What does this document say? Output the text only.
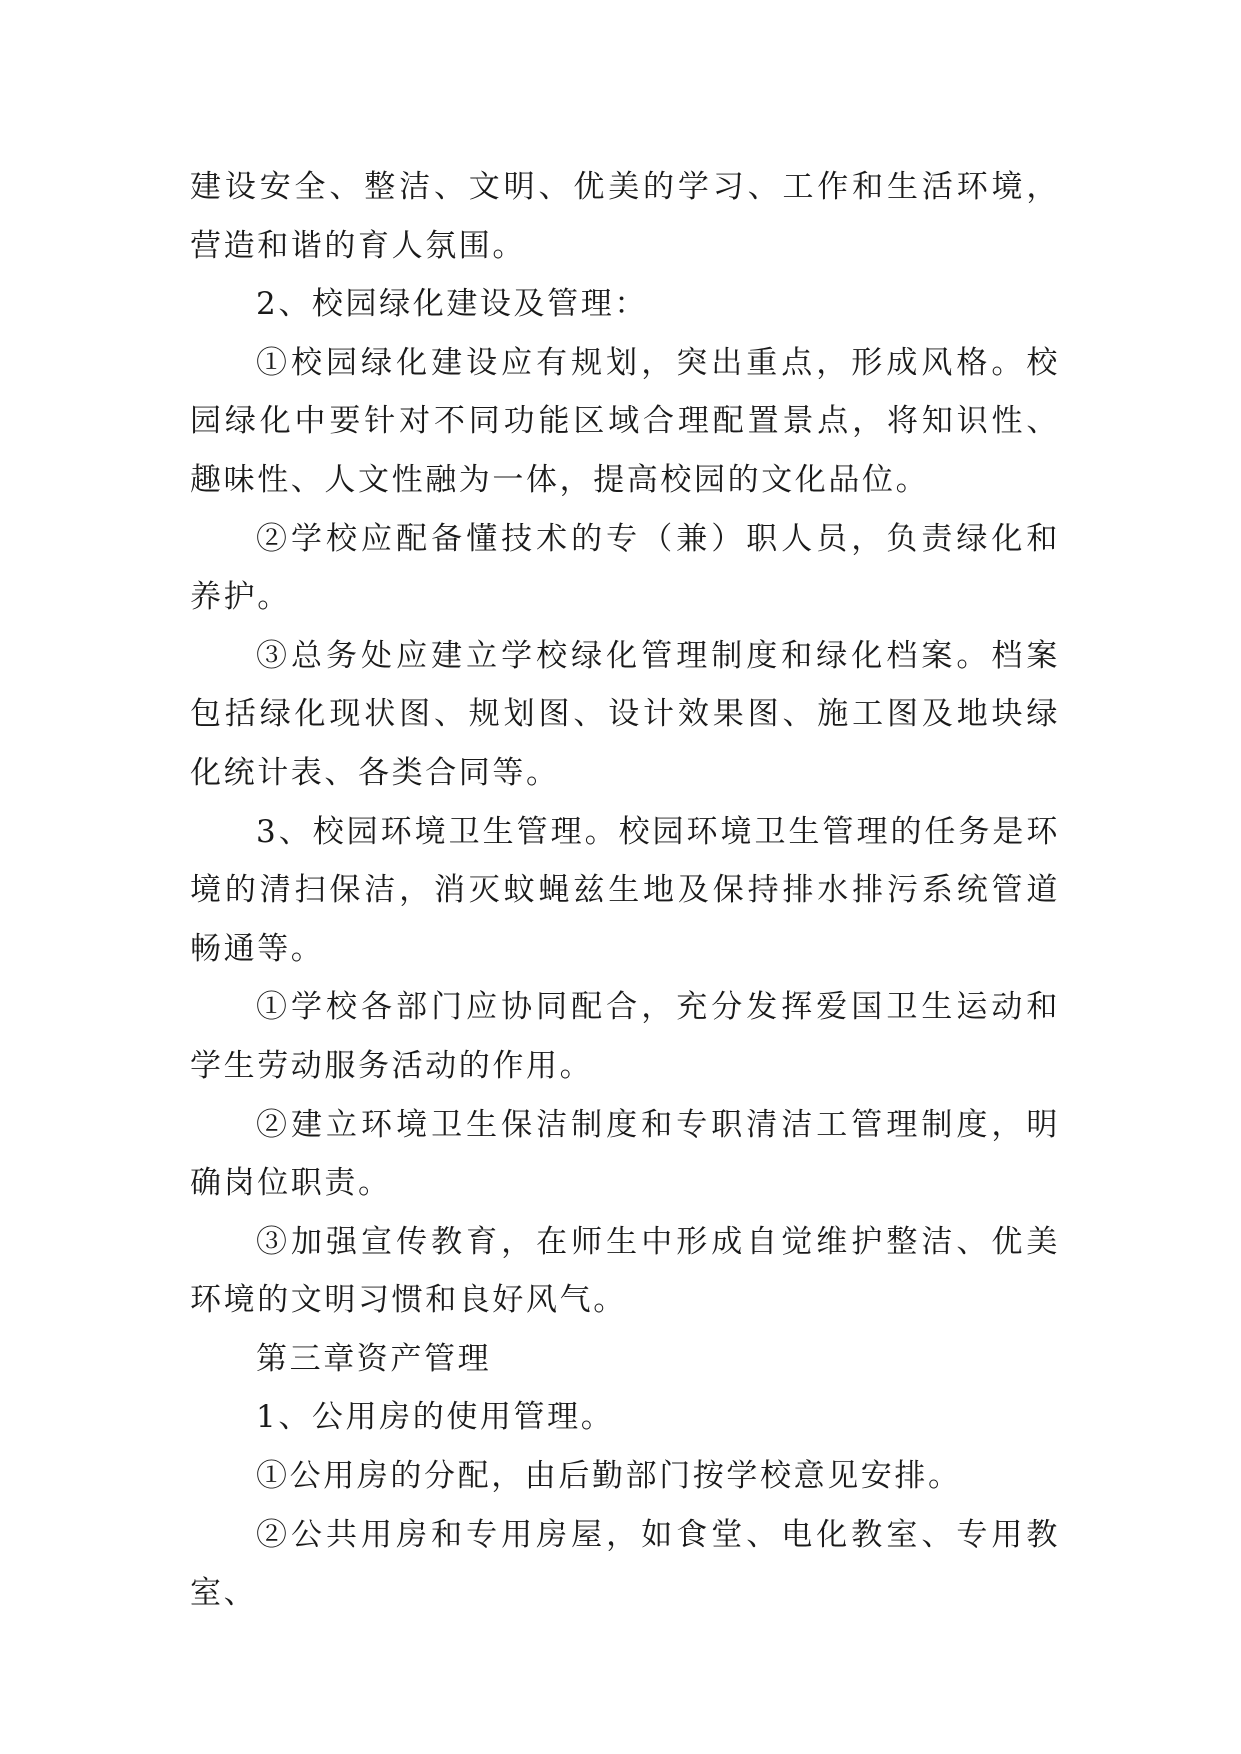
建设安全、整洁、文明、优美的学习、工作和生活环境，营造和谐的育人氛围。

2、校园绿化建设及管理：

①校园绿化建设应有规划，突出重点，形成风格。校园绿化中要针对不同功能区域合理配置景点，将知识性、趣味性、人文性融为一体，提高校园的文化品位。

②学校应配备懂技术的专（兼）职人员，负责绿化和养护。

③总务处应建立学校绿化管理制度和绿化档案。档案包括绿化现状图、规划图、设计效果图、施工图及地块绿化统计表、各类合同等。

3、校园环境卫生管理。校园环境卫生管理的任务是环境的清扫保洁，消灭蚊蝇兹生地及保持排水排污系统管道畅通等。

①学校各部门应协同配合，充分发挥爱国卫生运动和学生劳动服务活动的作用。

②建立环境卫生保洁制度和专职清洁工管理制度，明确岗位职责。

③加强宣传教育，在师生中形成自觉维护整洁、优美环境的文明习惯和良好风气。

第三章资产管理

1、公用房的使用管理。

①公用房的分配，由后勤部门按学校意见安排。

②公共用房和专用房屋，如食堂、电化教室、专用教室、
